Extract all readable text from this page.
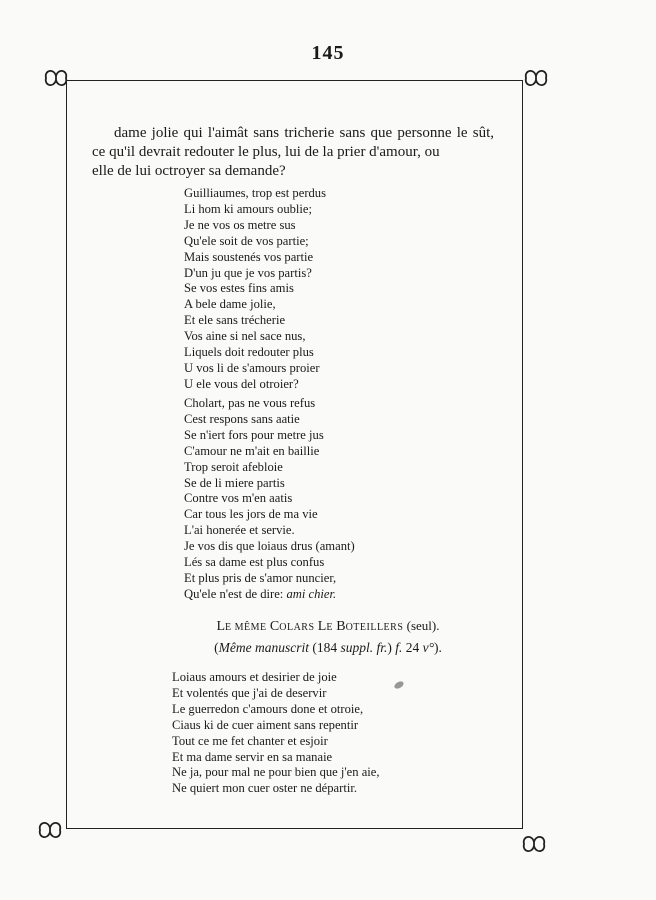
145
dame jolie qui l'aimât sans tricherie sans que personne le sût,
ce qu'il devrait redouter le plus, lui de la prier d'amour, ou
elle de lui octroyer sa demande?
Guilliaumes, trop est perdus
Li hom ki amours oublie;
Je ne vos os metre sus
Qu'ele soit de vos partie;
Mais soustenés vos partie
D'un ju que je vos partis?
Se vos estes fins amis
A bele dame jolie,
Et ele sans trécherie
Vos aine si nel sace nus,
Liquels doit redouter plus
U vos li de s'amours proier
U ele vous del otroier?
Cholart, pas ne vous refus
Cest respons sans aatie
Se n'iert fors pour metre jus
C'amour ne m'ait en baillie
Trop seroit afebloie
Se de li miere partis
Contre vos m'en aatis
Car tous les jors de ma vie
L'ai honerée et servie.
Je vos dis que loiaus drus (amant)
Lés sa dame est plus confus
Et plus pris de s'amor nuncier,
Qu'ele n'est de dire: ami chier.
LE MÊME COLARS LE BOTEILLERS (seul).
(Même manuscrit (184 suppl. fr.) f. 24 v°).
Loiaus amours et desirier de joie
Et volentés que j'ai de deservir
Le guerredon c'amours done et otroie,
Ciaus ki de cuer aiment sans repentir
Tout ce me fet chanter et esjoir
Et ma dame servir en sa manaie
Ne ja, pour mal ne pour bien que j'en aie,
Ne quiert mon cuer oster ne départir.
